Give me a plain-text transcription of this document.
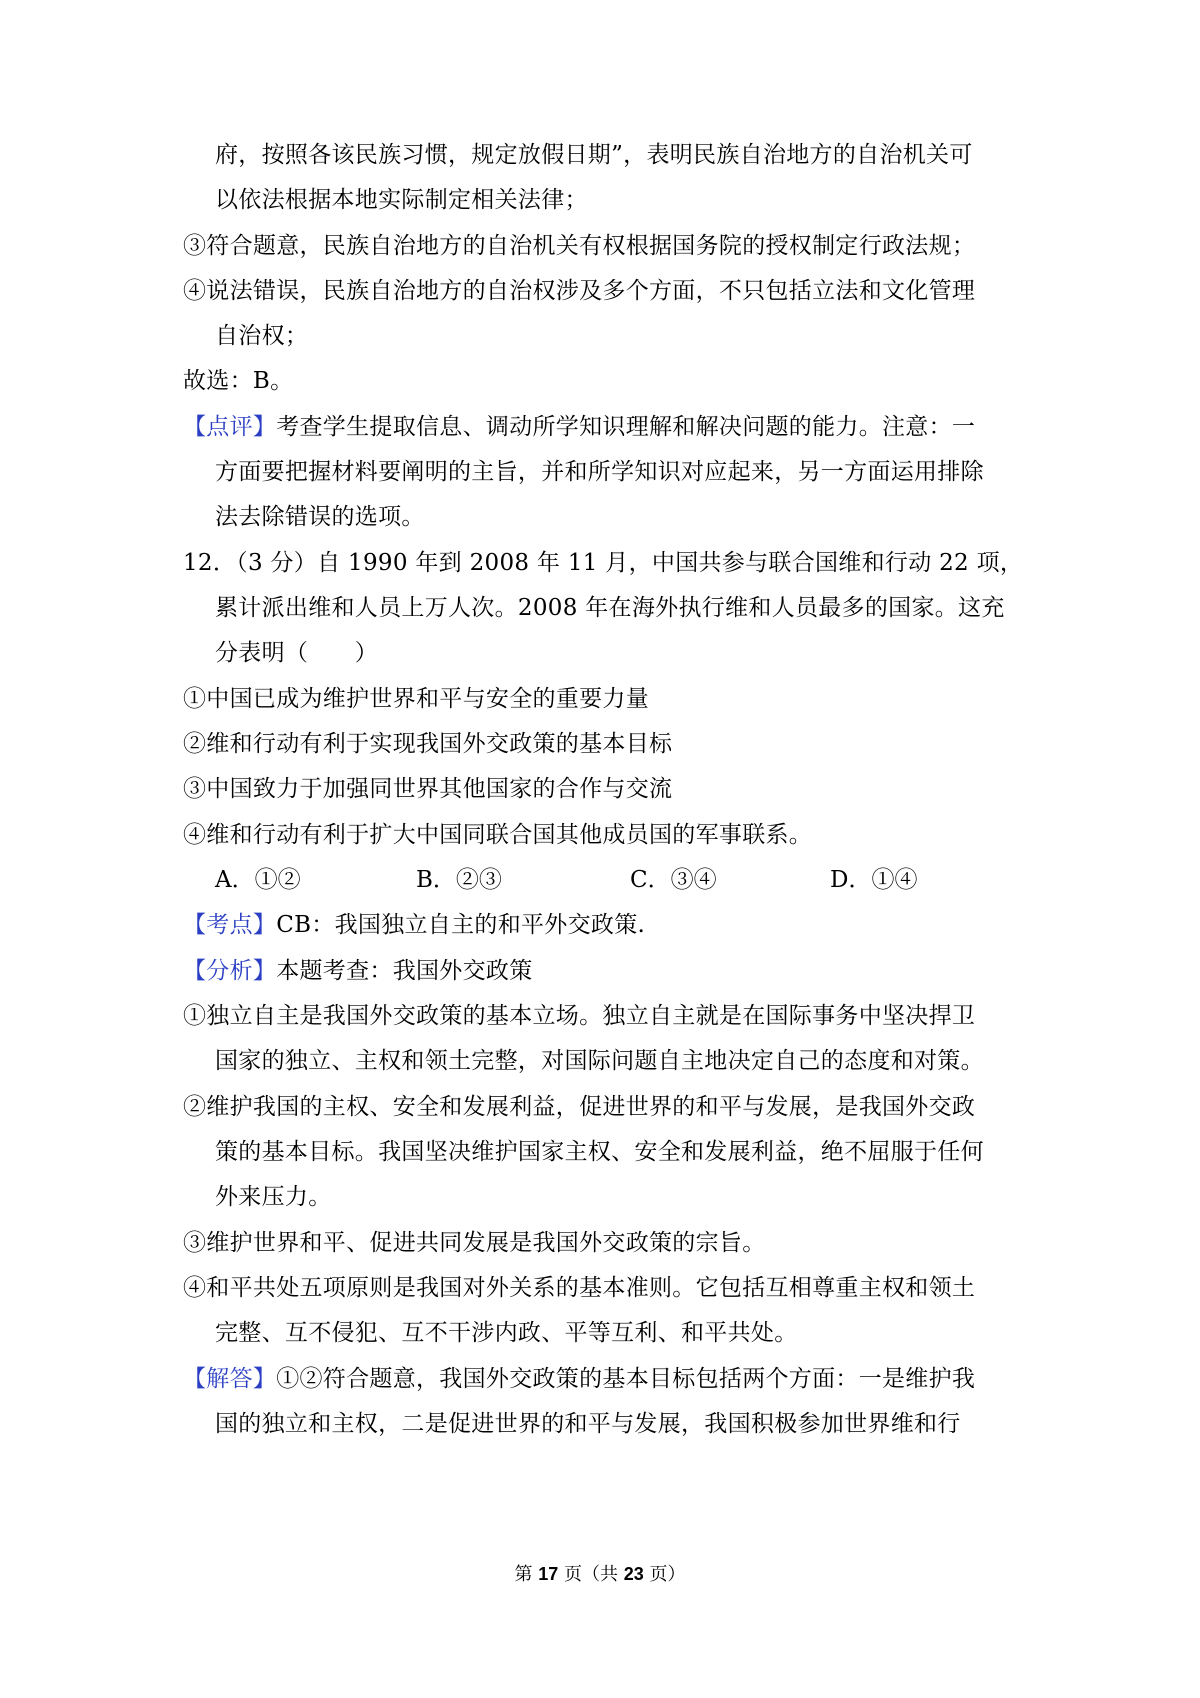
府，按照各该民族习惯，规定放假日期”，表明民族自治地方的自治机关可
以依法根据本地实际制定相关法律；
③符合题意，民族自治地方的自治机关有权根据国务院的授权制定行政法规；
④说法错误，民族自治地方的自治权涉及多个方面，不只包括立法和文化管理
自治权；
故选：B。
【点评】考查学生提取信息、调动所学知识理解和解决问题的能力。注意：一
方面要把握材料要阐明的主旨，并和所学知识对应起来，另一方面运用排除
法去除错误的选项。
12．（3 分）自 1990 年到 2008 年 11 月，中国共参与联合国维和行动 22 项，
累计派出维和人员上万人次。2008 年在海外执行维和人员最多的国家。这充
分表明（　　）
①中国已成为维护世界和平与安全的重要力量
②维和行动有利于实现我国外交政策的基本目标
③中国致力于加强同世界其他国家的合作与交流
④维和行动有利于扩大中国同联合国其他成员国的军事联系。
A．①②	B．②③	C．③④	D．①④
【考点】CB：我国独立自主的和平外交政策.
【分析】本题考查：我国外交政策
①独立自主是我国外交政策的基本立场。独立自主就是在国际事务中坚决捍卫
国家的独立、主权和领土完整，对国际问题自主地决定自己的态度和对策。
②维护我国的主权、安全和发展利益，促进世界的和平与发展，是我国外交政
策的基本目标。我国坚决维护国家主权、安全和发展利益，绝不屈服于任何
外来压力。
③维护世界和平、促进共同发展是我国外交政策的宗旨。
④和平共处五项原则是我国对外关系的基本准则。它包括互相尊重主权和领土
完整、互不侵犯、互不干涉内政、平等互利、和平共处。
【解答】①②符合题意，我国外交政策的基本目标包括两个方面：一是维护我
国的独立和主权，二是促进世界的和平与发展，我国积极参加世界维和行
第 17 页（共 23 页）
